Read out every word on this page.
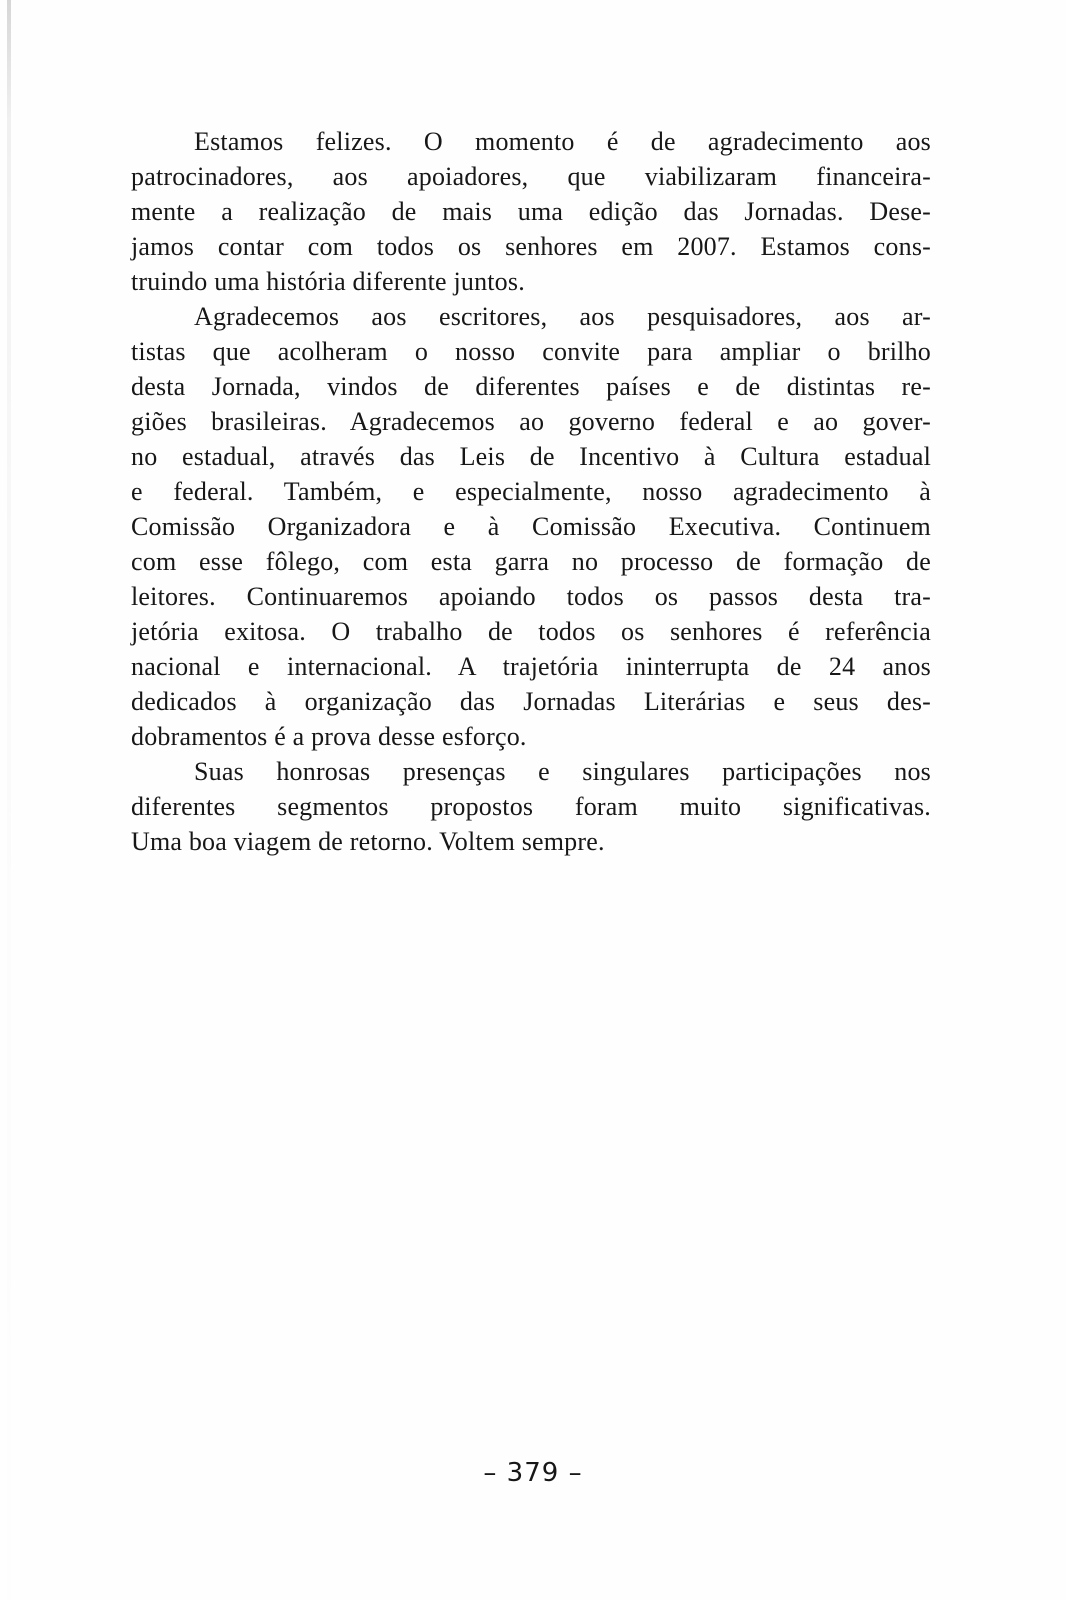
Estamos felizes. O momento é de agradecimento aos
patrocinadores, aos apoiadores, que viabilizaram financeira-
mente a realização de mais uma edição das Jornadas. Dese-
jamos contar com todos os senhores em 2007. Estamos cons-
truindo uma história diferente juntos.

Agradecemos aos escritores, aos pesquisadores, aos ar-
tistas que acolheram o nosso convite para ampliar o brilho
desta Jornada, vindos de diferentes países e de distintas re-
giões brasileiras. Agradecemos ao governo federal e ao gover-
no estadual, através das Leis de Incentivo à Cultura estadual
e federal. Também, e especialmente, nosso agradecimento à
Comissão Organizadora e à Comissão Executiva. Continuem
com esse fôlego, com esta garra no processo de formação de
leitores. Continuaremos apoiando todos os passos desta tra-
jetória exitosa. O trabalho de todos os senhores é referência
nacional e internacional. A trajetória ininterrupta de 24 anos
dedicados à organização das Jornadas Literárias e seus des-
dobramentos é a prova desse esforço.

Suas honrosas presenças e singulares participações nos
diferentes segmentos propostos foram muito significativas.
Uma boa viagem de retorno. Voltem sempre.

– 379 –
